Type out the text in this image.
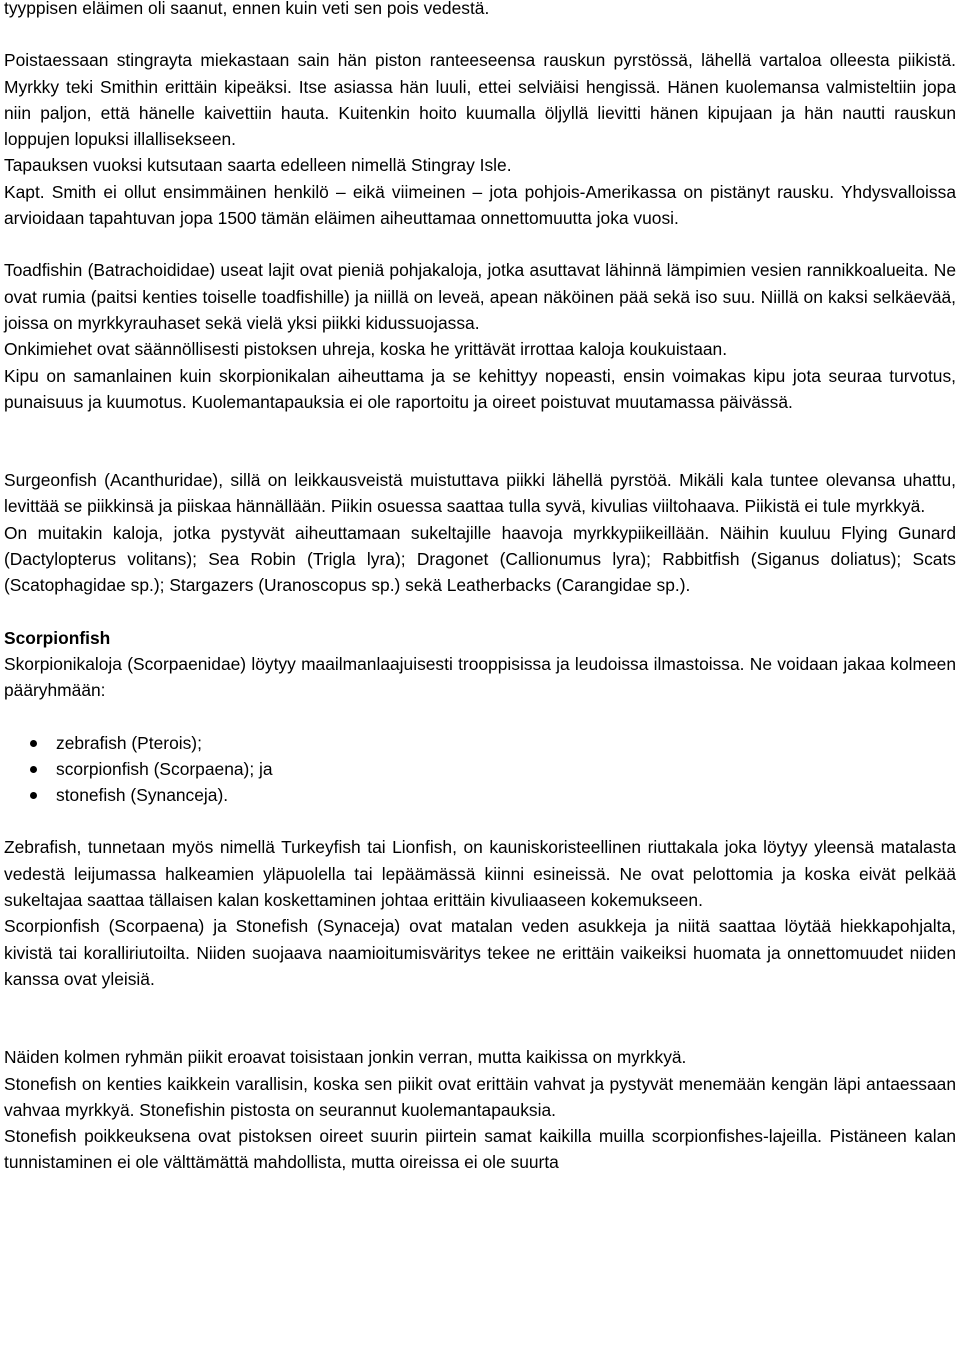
tyyppisen eläimen oli saanut, ennen kuin veti sen pois vedestä.

Poistaessaan stingrayta miekastaan sain hän piston ranteeseensa rauskun pyrstössä, lähellä vartaloa olleesta piikistä. Myrkky teki Smithin erittäin kipeäksi. Itse asiassa hän luuli, ettei selviäisi hengissä. Hänen kuolemansa valmisteltiin jopa niin paljon, että hänelle kaivettiin hauta. Kuitenkin hoito kuumalla öljyllä lievitti hänen kipujaan ja hän nautti rauskun loppujen lopuksi illallisekseen.

Tapauksen vuoksi kutsutaan saarta edelleen nimellä Stingray Isle.

Kapt. Smith ei ollut ensimmäinen henkilö – eikä viimeinen – jota pohjois-Amerikassa on pistänyt rausku. Yhdysvalloissa arvioidaan tapahtuvan jopa 1500 tämän eläimen aiheuttamaa onnettomuutta joka vuosi.

Toadfishin (Batrachoididae) useat lajit ovat pieniä pohjakaloja, jotka asuttavat lähinnä lämpimien vesien rannikkoalueita. Ne ovat rumia (paitsi kenties toiselle toadfishille) ja niillä on leveä, apean näköinen pää sekä iso suu. Niillä on kaksi selkäevää, joissa on myrkkyrauhaset sekä vielä yksi piikki kidussuojassa.

Onkimiehet ovat säännöllisesti pistoksen uhreja, koska he yrittävät irrottaa kaloja koukuistaan.

Kipu on samanlainen kuin skorpionikalan aiheuttama ja se kehittyy nopeasti, ensin voimakas kipu jota seuraa turvotus, punaisuus ja kuumotus. Kuolemantapauksia ei ole raportoitu ja oireet poistuvat muutamassa päivässä.

Surgeonfish (Acanthuridae), sillä on leikkausveistä muistuttava piikki lähellä pyrstöä. Mikäli kala tuntee olevansa uhattu, levittää se piikkinsä ja piiskaa hännällään. Piikin osuessa saattaa tulla syvä, kivulias viiltohaava. Piikistä ei tule myrkkyä.

On muitakin kaloja, jotka pystyvät aiheuttamaan sukeltajille haavoja myrkkypiikeillään. Näihin kuuluu Flying Gunard (Dactylopterus volitans); Sea Robin (Trigla lyra); Dragonet (Callionumus lyra); Rabbitfish (Siganus doliatus); Scats (Scatophagidae sp.); Stargazers (Uranoscopus sp.) sekä Leatherbacks (Carangidae sp.).

Scorpionfish

Skorpionikaloja (Scorpaenidae) löytyy maailmanlaajuisesti trooppisissa ja leudoissa ilmastoissa. Ne voidaan jakaa kolmeen pääryhmään:

zebrafish (Pterois);
scorpionfish (Scorpaena); ja
stonefish (Synanceja).

Zebrafish, tunnetaan myös nimellä Turkeyfish tai Lionfish, on kauniskoristeellinen riuttakala joka löytyy yleensä matalasta vedestä leijumassa halkeamien yläpuolella tai lepäämässä kiinni esineissä. Ne ovat pelottomia ja koska eivät pelkää sukeltajaa saattaa tällaisen kalan koskettaminen johtaa erittäin kivuliaaseen kokemukseen.

Scorpionfish (Scorpaena) ja Stonefish (Synaceja) ovat matalan veden asukkeja ja niitä saattaa löytää hiekkapohjalta, kivistä tai koralliriutoilta. Niiden suojaava naamioitumisväritys tekee ne erittäin vaikeiksi huomata ja onnettomuudet niiden kanssa ovat yleisiä.

Näiden kolmen ryhmän piikit eroavat toisistaan jonkin verran, mutta kaikissa on myrkkyä.

Stonefish on kenties kaikkein varallisin, koska sen piikit ovat erittäin vahvat ja pystyvät menemään kengän läpi antaessaan vahvaa myrkkyä. Stonefishin pistosta on seurannut kuolemantapauksia.

Stonefish poikkeuksena ovat pistoksen oireet suurin piirtein samat kaikilla muilla scorpionfishes-lajeilla. Pistäneen kalan tunnistaminen ei ole välttämättä mahdollista, mutta oireissa ei ole suurta
